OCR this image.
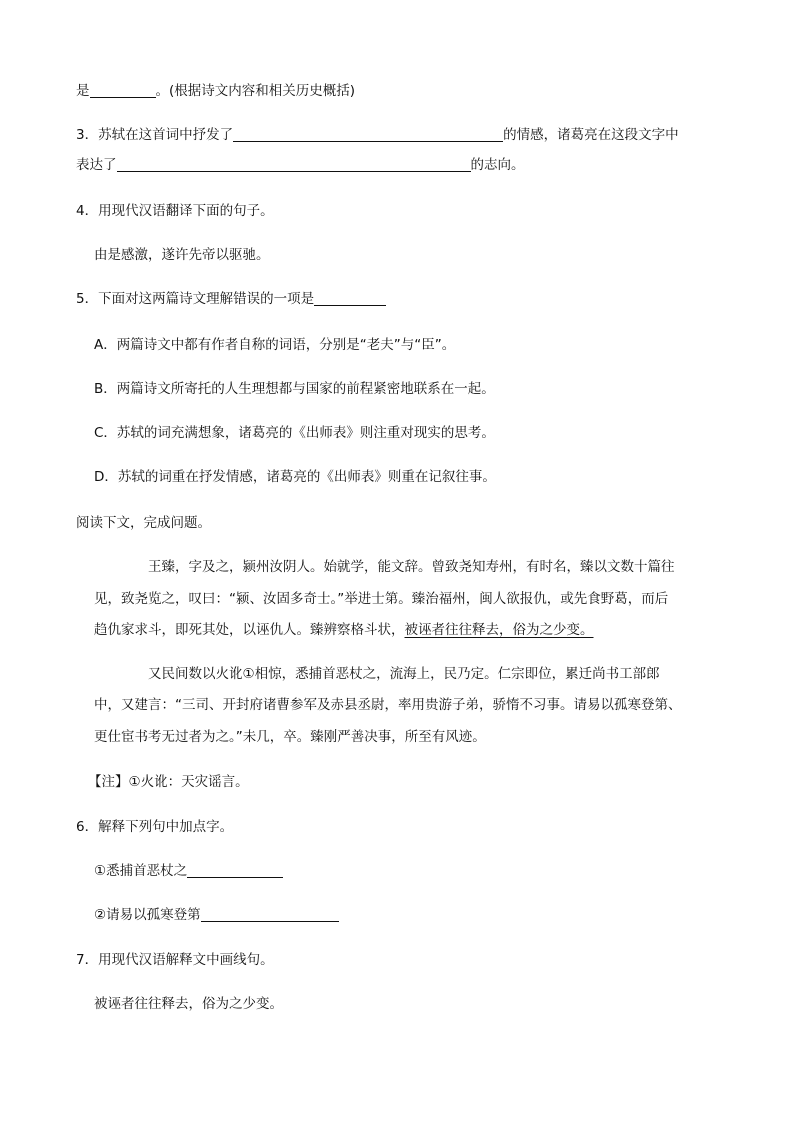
是	。(根据诗文内容和相关历史概括)
3．苏轼在这首词中抒发了	的情感，诸葛亮在这段文字中
表达了	的志向。
4．用现代汉语翻译下面的句子。
由是感激，遂许先帝以驱驰。
5．下面对这两篇诗文理解错误的一项是
A．两篇诗文中都有作者自称的词语，分别是“老夫”与“臣”。
B．两篇诗文所寄托的人生理想都与国家的前程紧密地联系在一起。
C．苏轼的词充满想象，诸葛亮的《出师表》则注重对现实的思考。
D．苏轼的词重在抒发情感，诸葛亮的《出师表》则重在记叙往事。
阅读下文，完成问题。
王臻，字及之，颍州汝阴人。始就学，能文辞。曾致尧知寿州，有时名，臻以文数十篇往
见，致尧览之，叹曰：“颍、汝固多奇士。”举进士第。臻治福州，闽人欲报仇，或先食野葛，而后
趋仇家求斗，即死其处，以诬仇人。臻辨察格斗状，被诬者往往释去，俗为之少变。
又民间数以火讹①相惊，悉捕首恶杖之，流海上，民乃定。仁宗即位，累迁尚书工部郎
中，又建言：“三司、开封府诸曹参军及赤县丞尉，率用贵游子弟，骄惰不习事。请易以孤寒登第、
更仕宦书考无过者为之。”未几，卒。臻刚严善决事，所至有风迹。
【注】①火讹：天灾谣言。
6．解释下列句中加点字。
①悉捕首恶杖之
②请易以孤寒登第
7．用现代汉语解释文中画线句。
被诬者往往释去，俗为之少变。
